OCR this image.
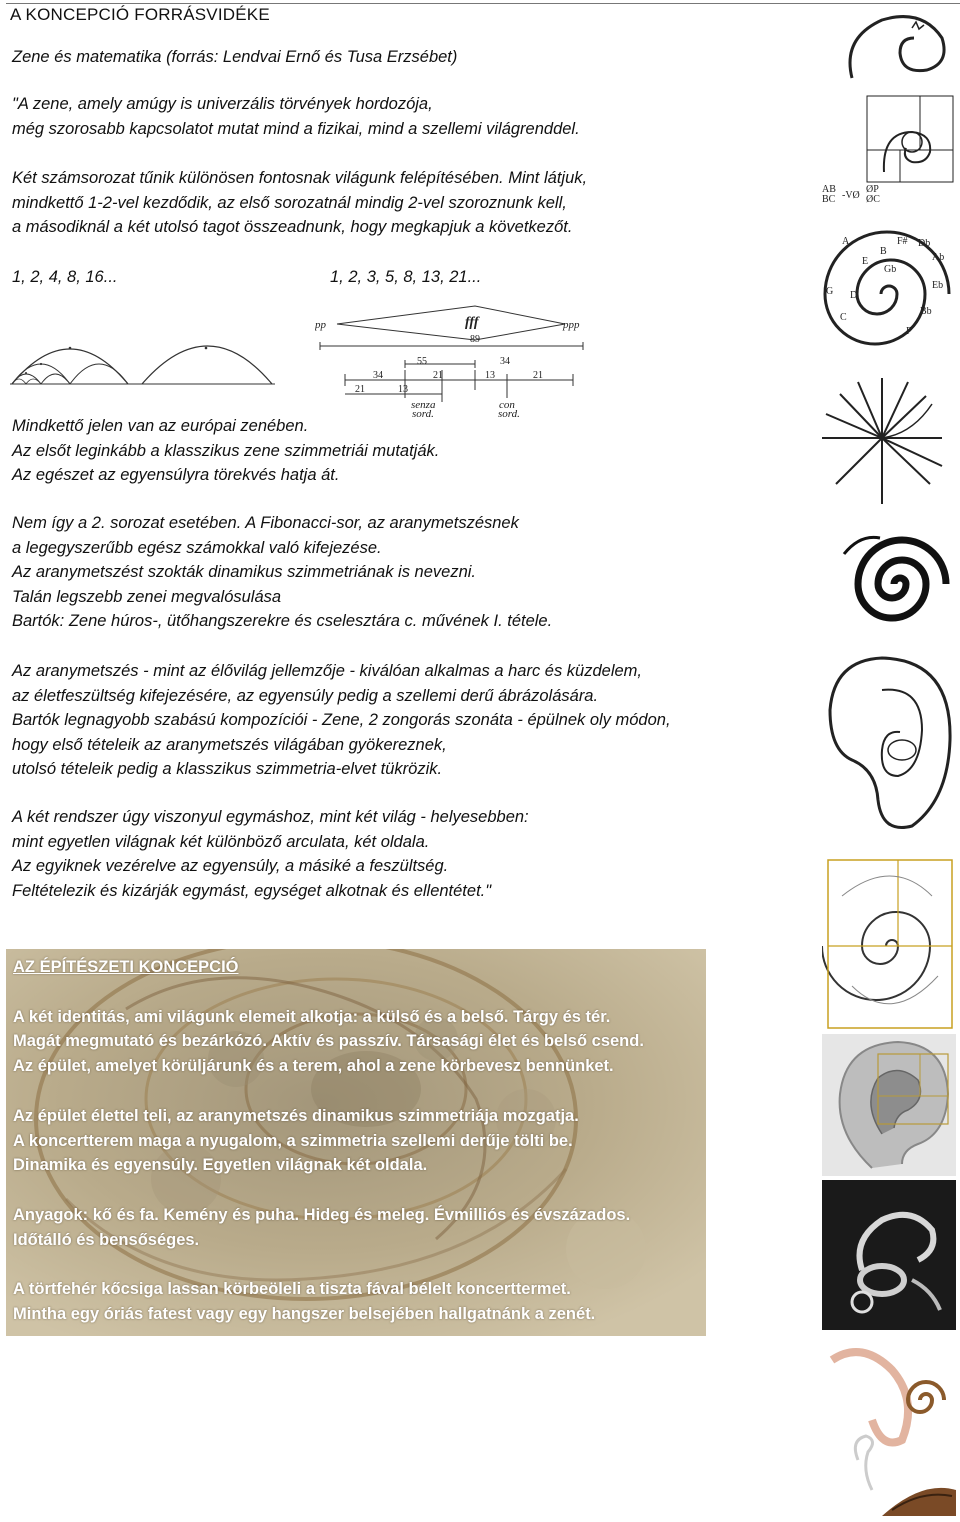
A KONCEPCIÓ FORRÁSVIDÉKE

Zene és matematika (forrás: Lendvai Ernő és Tusa Erzsébet)

"A zene, amely amúgy is univerzális törvények hordozója,

még szorosabb kapcsolatot mutat mind a fizikai, mind a szellemi világrenddel.

Két számsorozat tűnik különösen fontosnak világunk felépítésében. Mint látjuk,

mindkettő 1-2-vel kezdődik, az első sorozatnál mindig 2-vel szoroznunk kell,

a másodiknál a két utolsó tagot összeadnunk, hogy megkapjuk a következőt.

1, 2, 4, 8, 16...	1, 2, 3, 5, 8, 13, 21...
pp	fff	ppp
89
55	34
34	21	13	21
21	13
senza
sord.
con
sord.

Mindkettő jelen van az európai zenében.

Az elsőt leginkább a klasszikus zene szimmetriái mutatják.

Az egészet az egyensúlyra törekvés hatja át.

Nem így a 2. sorozat esetében. A Fibonacci-sor, az aranymetszésnek

a legegyszerűbb egész számokkal való kifejezése.

Az aranymetszést szokták dinamikus szimmetriának is nevezni.

Talán legszebb zenei megvalósulása

Bartók: Zene húros-, ütőhangszerekre és cselesztára c. művének I. tétele.

Az aranymetszés - mint az élővilág jellemzője - kiválóan alkalmas a harc és küzdelem,

az életfeszültség kifejezésére, az egyensúly pedig a szellemi derű ábrázolására.

Bartók legnagyobb szabású kompozíciói - Zene, 2 zongorás szonáta - épülnek oly módon,

hogy első tételeik az aranymetszés világában gyökereznek,

utolsó tételeik pedig a klasszikus szimmetria-elvet tükrözik.

A két rendszer úgy viszonyul egymáshoz, mint két világ - helyesebben:

mint egyetlen világnak két különböző arculata, két oldala.

Az egyiknek vezérelve az egyensúly, a másiké a feszültség.

Feltételezik és kizárják egymást, egységet alkotnak és ellentétet."

AZ ÉPÍTÉSZETI KONCEPCIÓ

A két identitás, ami világunk elemeit alkotja: a külső és a belső. Tárgy és tér.

Magát megmutató és bezárkózó. Aktív és passzív. Társasági élet és belső csend.

Az épület, amelyet körüljárunk és a terem, ahol a zene körbevesz bennünket.

Az épület élettel teli, az aranymetszés dinamikus szimmetriája mozgatja.

A koncertterem maga a nyugalom, a szimmetria szellemi derűje tölti be.

Dinamika és egyensúly. Egyetlen világnak két oldala.

Anyagok: kő és fa. Kemény és puha. Hideg és meleg. Évmilliós és évszázados.

Időtálló és bensőséges.

A törtfehér kőcsiga lassan körbeöleli a tiszta fával bélelt koncerttermet.

Mintha egy óriás fatest vagy egy hangszer belsejében hallgatnánk a zenét.

AB
BC -VØ
ØP
ØC
A
E
B
F#
Gb
Db
Ab
Eb
Bb
F
C
G D
